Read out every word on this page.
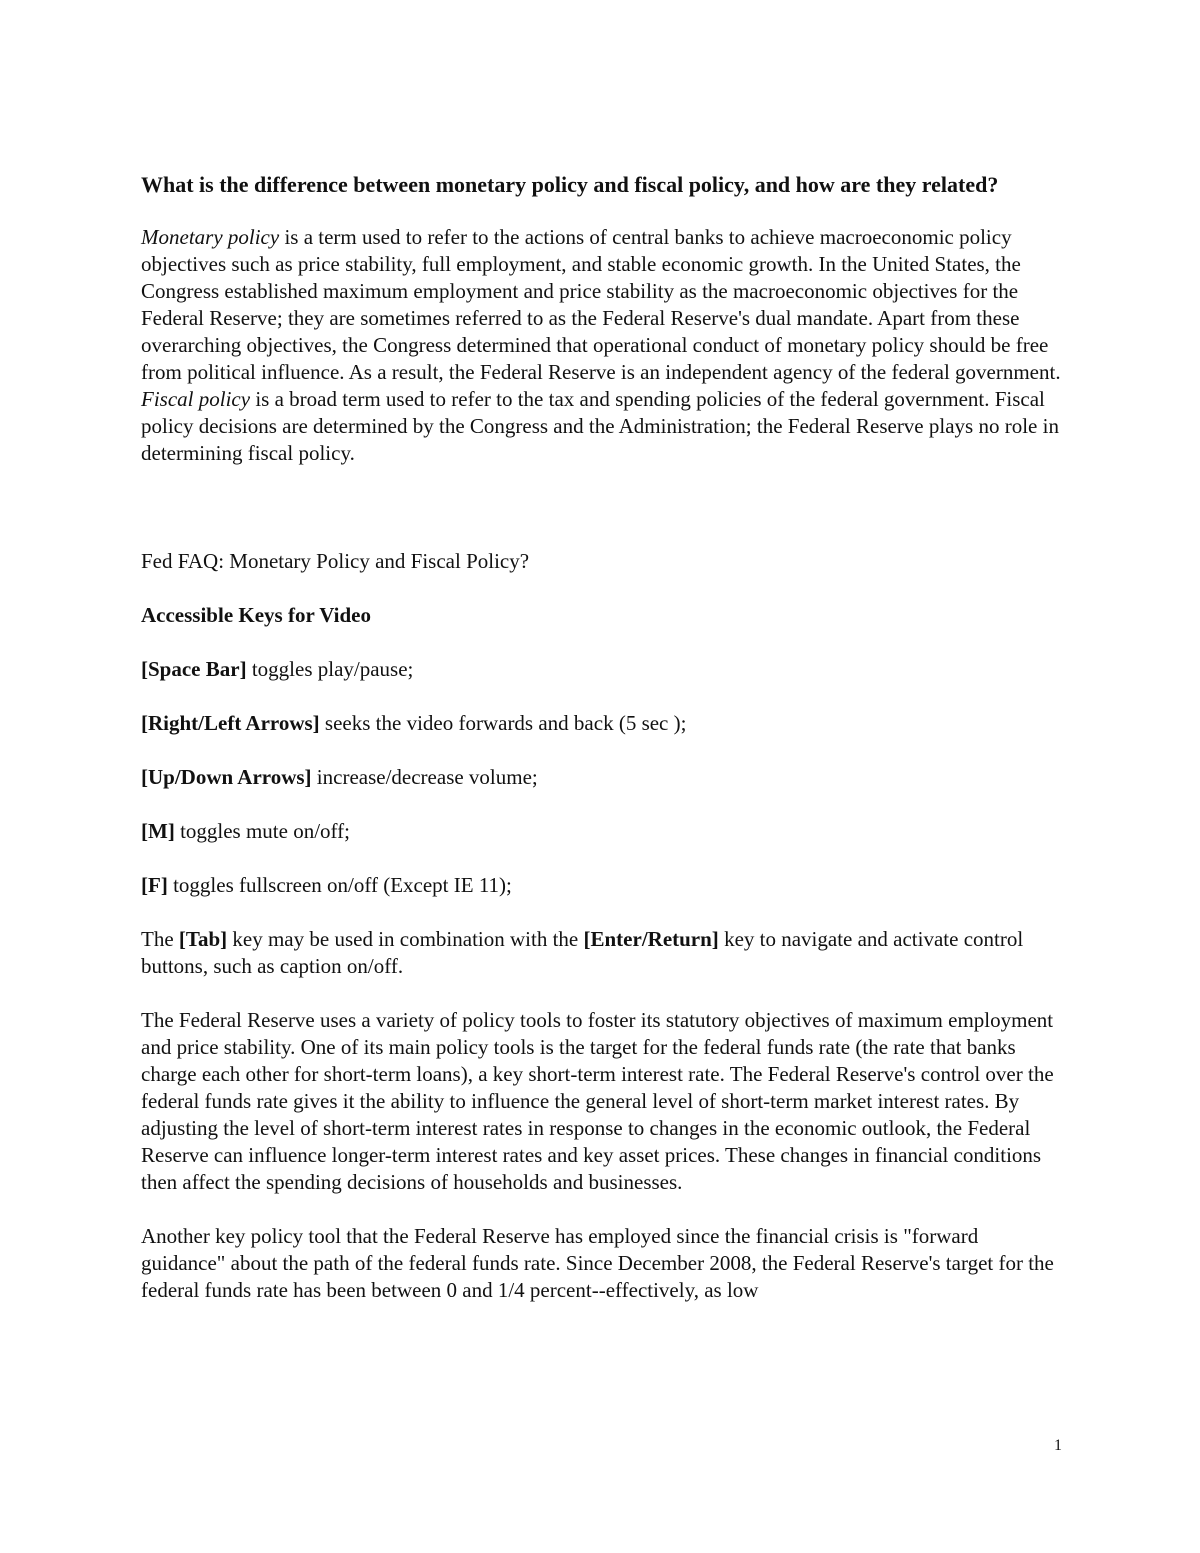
What is the difference between monetary policy and fiscal policy, and how are they related?

Monetary policy is a term used to refer to the actions of central banks to achieve macroeconomic policy objectives such as price stability, full employment, and stable economic growth. In the United States, the Congress established maximum employment and price stability as the macroeconomic objectives for the Federal Reserve; they are sometimes referred to as the Federal Reserve's dual mandate. Apart from these overarching objectives, the Congress determined that operational conduct of monetary policy should be free from political influence. As a result, the Federal Reserve is an independent agency of the federal government. Fiscal policy is a broad term used to refer to the tax and spending policies of the federal government. Fiscal policy decisions are determined by the Congress and the Administration; the Federal Reserve plays no role in determining fiscal policy.

Fed FAQ: Monetary Policy and Fiscal Policy?

Accessible Keys for Video

[Space Bar] toggles play/pause;

[Right/Left Arrows] seeks the video forwards and back (5 sec );

[Up/Down Arrows] increase/decrease volume;

[M] toggles mute on/off;

[F] toggles fullscreen on/off (Except IE 11);

The [Tab] key may be used in combination with the [Enter/Return] key to navigate and activate control buttons, such as caption on/off.

The Federal Reserve uses a variety of policy tools to foster its statutory objectives of maximum employment and price stability. One of its main policy tools is the target for the federal funds rate (the rate that banks charge each other for short-term loans), a key short-term interest rate. The Federal Reserve's control over the federal funds rate gives it the ability to influence the general level of short-term market interest rates. By adjusting the level of short-term interest rates in response to changes in the economic outlook, the Federal Reserve can influence longer-term interest rates and key asset prices. These changes in financial conditions then affect the spending decisions of households and businesses.

Another key policy tool that the Federal Reserve has employed since the financial crisis is "forward guidance" about the path of the federal funds rate. Since December 2008, the Federal Reserve's target for the federal funds rate has been between 0 and 1/4 percent--effectively, as low

1
